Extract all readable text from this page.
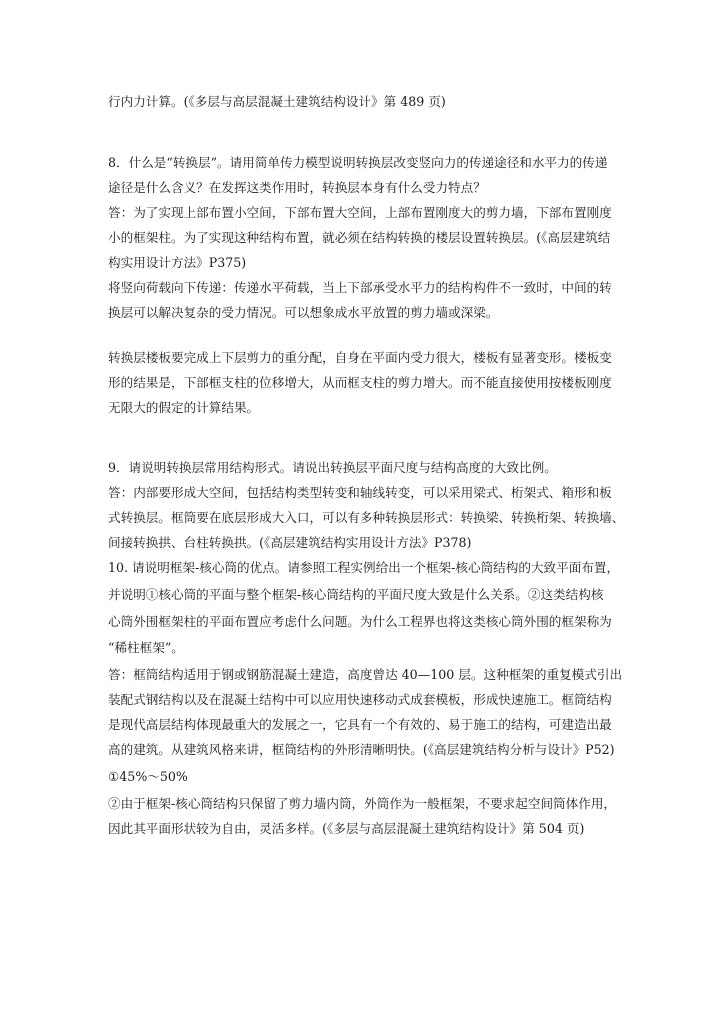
行内力计算。(《多层与高层混凝土建筑结构设计》第 489 页)
8．什么是“转换层”。请用简单传力模型说明转换层改变竖向力的传递途径和水平力的传递
途径是什么含义？在发挥这类作用时，转换层本身有什么受力特点？
答：为了实现上部布置小空间，下部布置大空间，上部布置刚度大的剪力墙，下部布置刚度
小的框架柱。为了实现这种结构布置，就必须在结构转换的楼层设置转换层。(《高层建筑结
构实用设计方法》P375)
将竖向荷载向下传递：传递水平荷载，当上下部承受水平力的结构构件不一致时，中间的转
换层可以解决复杂的受力情况。可以想象成水平放置的剪力墙或深梁。
转换层楼板要完成上下层剪力的重分配，自身在平面内受力很大，楼板有显著变形。楼板变
形的结果是，下部框支柱的位移增大，从而框支柱的剪力增大。而不能直接使用按楼板刚度
无限大的假定的计算结果。
9．请说明转换层常用结构形式。请说出转换层平面尺度与结构高度的大致比例。
答：内部要形成大空间，包括结构类型转变和轴线转变，可以采用梁式、桁架式、箱形和板
式转换层。框筒要在底层形成大入口，可以有多种转换层形式：转换梁、转换桁架、转换墙、
间接转换拱、台柱转换拱。(《高层建筑结构实用设计方法》P378)
10. 请说明框架-核心筒的优点。请参照工程实例给出一个框架-核心筒结构的大致平面布置，
并说明①核心筒的平面与整个框架-核心筒结构的平面尺度大致是什么关系。②这类结构核
心筒外围框架柱的平面布置应考虑什么问题。为什么工程界也将这类核心筒外围的框架称为
“稀柱框架”。
答：框筒结构适用于钢或钢筋混凝土建造，高度曾达 40—100 层。这种框架的重复模式引出
装配式钢结构以及在混凝土结构中可以应用快速移动式成套模板，形成快速施工。框筒结构
是现代高层结构体现最重大的发展之一，它具有一个有效的、易于施工的结构，可建造出最
高的建筑。从建筑风格来讲，框筒结构的外形清晰明快。(《高层建筑结构分析与设计》P52)
①45%～50%
②由于框架-核心筒结构只保留了剪力墙内筒，外筒作为一般框架，不要求起空间筒体作用，
因此其平面形状较为自由，灵活多样。(《多层与高层混凝土建筑结构设计》第 504 页)
